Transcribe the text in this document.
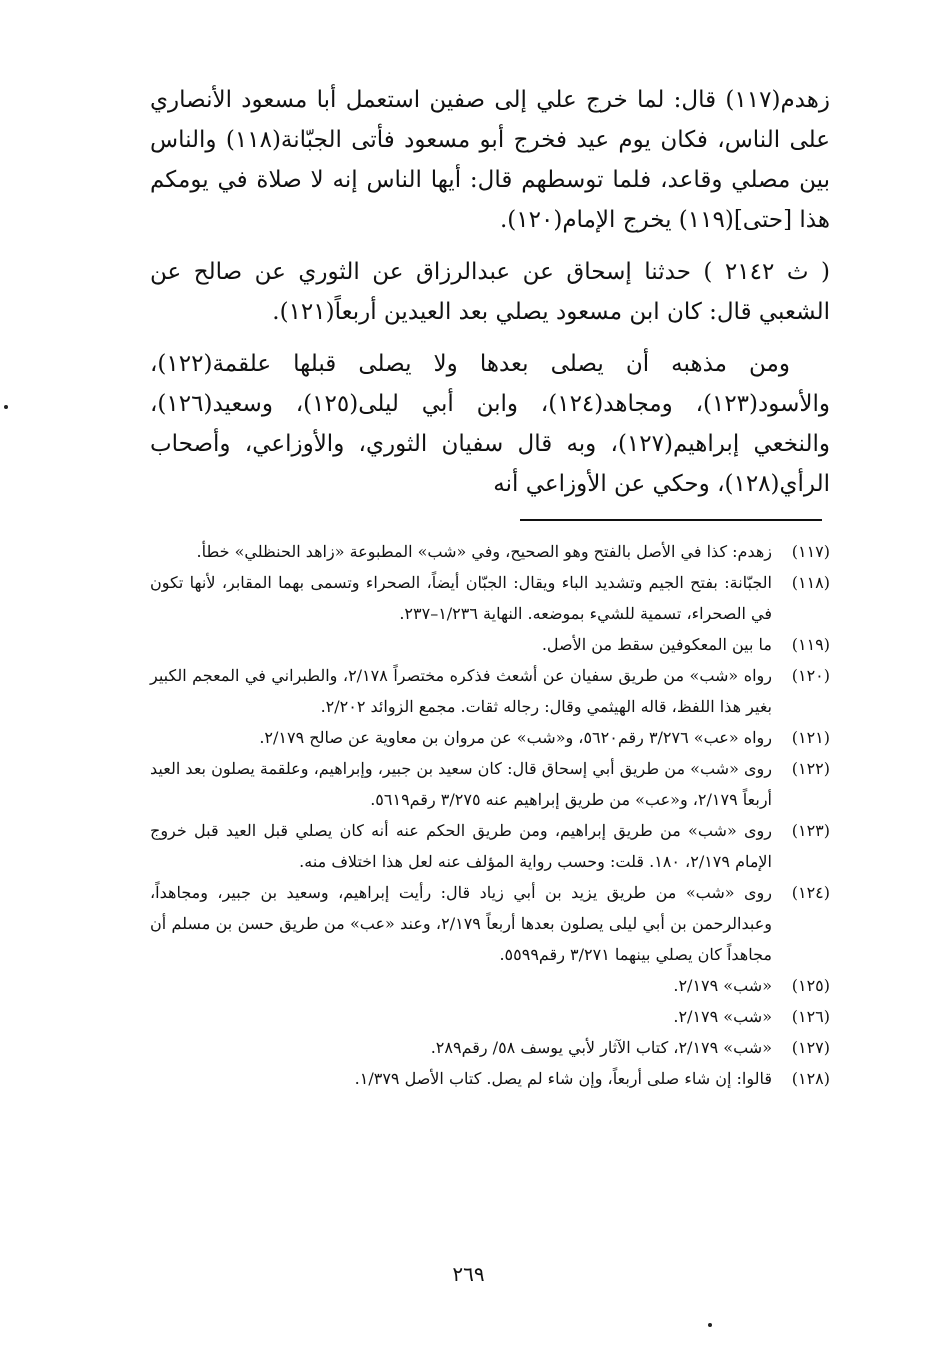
زهدم(١١٧) قال: لما خرج علي إلى صفين استعمل أبا مسعود الأنصاري على الناس، فكان يوم عيد فخرج أبو مسعود فأتى الجبّانة(١١٨) والناس بين مصلي وقاعد، فلما توسطهم قال: أيها الناس إنه لا صلاة في يومكم هذا [حتى](١١٩) يخرج الإمام(١٢٠).

( ث ٢١٤٢ ) حدثنا إسحاق عن عبدالرزاق عن الثوري عن صالح عن الشعبي قال: كان ابن مسعود يصلي بعد العيدين أربعاً(١٢١).

ومن مذهبه أن يصلى بعدها ولا يصلى قبلها علقمة(١٢٢)، والأسود(١٢٣)، ومجاهد(١٢٤)، وابن أبي ليلى(١٢٥)، وسعيد(١٢٦)، والنخعي إبراهيم(١٢٧)، وبه قال سفيان الثوري، والأوزاعي، وأصحاب الرأي(١٢٨)، وحكي عن الأوزاعي أنه

(١١٧)
زهدم: كذا في الأصل بالفتح وهو الصحيح، وفي «شب» المطبوعة «زاهد الحنظلي» خطأ.
(١١٨)
الجبّانة: بفتح الجيم وتشديد الباء ويقال: الجبّان أيضاً، الصحراء وتسمى بهما المقابر، لأنها تكون في الصحراء، تسمية للشيء بموضعه. النهاية ١/٢٣٦–٢٣٧.
(١١٩)
ما بين المعكوفين سقط من الأصل.
(١٢٠)
رواه «شب» من طريق سفيان عن أشعث فذكره مختصراً ٢/١٧٨، والطبراني في المعجم الكبير بغير هذا اللفظ، قاله الهيثمي وقال: رجاله ثقات. مجمع الزوائد ٢/٢٠٢.
(١٢١)
رواه «عب» ٣/٢٧٦ رقم٥٦٢٠، و«شب» عن مروان بن معاوية عن صالح ٢/١٧٩.
(١٢٢)
روى «شب» من طريق أبي إسحاق قال: كان سعيد بن جبير، وإبراهيم، وعلقمة يصلون بعد العيد أربعاً ٢/١٧٩، و«عب» من طريق إبراهيم عنه ٣/٢٧٥ رقم٥٦١٩.
(١٢٣)
روى «شب» من طريق إبراهيم، ومن طريق الحكم عنه أنه كان يصلي قبل العيد قبل خروج الإمام ٢/١٧٩، ١٨٠. قلت: وحسب رواية المؤلف عنه لعل هذا اختلاف منه.
(١٢٤)
روى «شب» من طريق يزيد بن أبي زياد قال: رأيت إبراهيم، وسعيد بن جبير، ومجاهداً، وعبدالرحمن بن أبي ليلى يصلون بعدها أربعاً ٢/١٧٩، وعند «عب» من طريق حسن بن مسلم أن مجاهداً كان يصلي بينهما ٣/٢٧١ رقم٥٥٩٩.
(١٢٥)
«شب» ٢/١٧٩.
(١٢٦)
«شب» ٢/١٧٩.
(١٢٧)
«شب» ٢/١٧٩، كتاب الآثار لأبي يوسف ٥٨/ رقم٢٨٩.
(١٢٨)
قالوا: إن شاء صلى أربعاً، وإن شاء لم يصل. كتاب الأصل ١/٣٧٩.
٢٦٩
